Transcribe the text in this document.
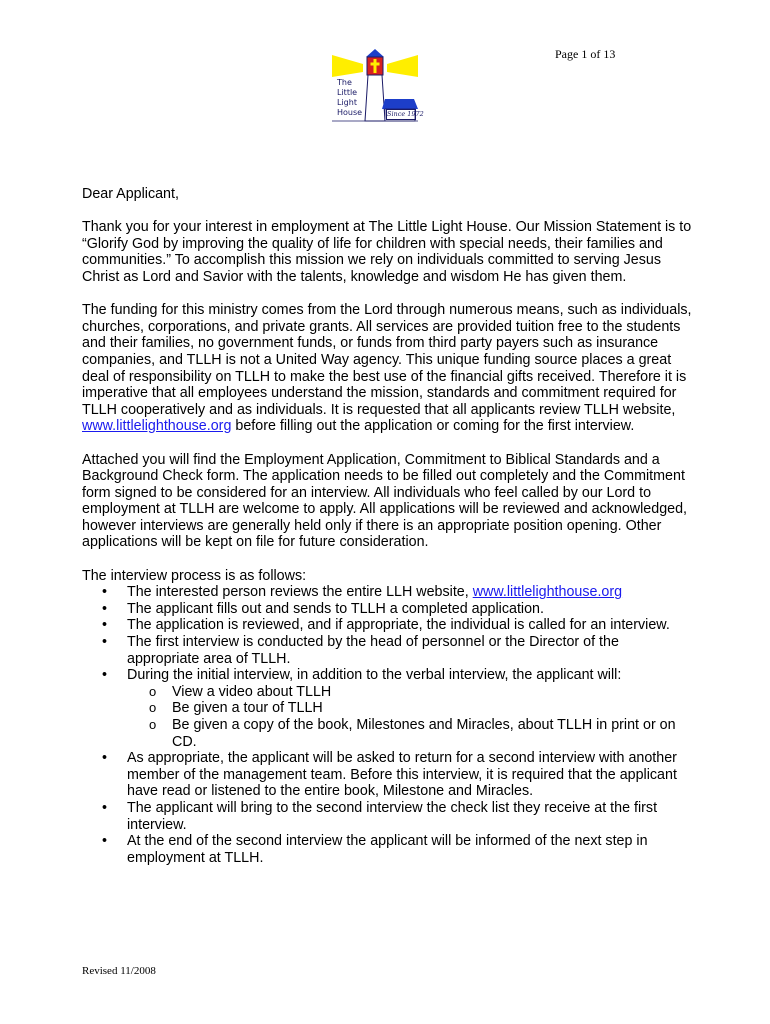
Page 1 of 13
The
Little
Light
House	Since 1972

Dear Applicant,

Thank you for your interest in employment at The Little Light House. Our Mission Statement is to “Glorify God by improving the quality of life for children with special needs, their families and communities.” To accomplish this mission we rely on individuals committed to serving Jesus Christ as Lord and Savior with the talents, knowledge and wisdom He has given them.

The funding for this ministry comes from the Lord through numerous means, such as individuals, churches, corporations, and private grants. All services are provided tuition free to the students and their families, no government funds, or funds from third party payers such as insurance companies, and TLLH is not a United Way agency. This unique funding source places a great deal of responsibility on TLLH to make the best use of the financial gifts received. Therefore it is imperative that all employees understand the mission, standards and commitment required for TLLH cooperatively and as individuals. It is requested that all applicants review TLLH website, www.littlelighthouse.org before filling out the application or coming for the first interview.

Attached you will find the Employment Application, Commitment to Biblical Standards and a Background Check form. The application needs to be filled out completely and the Commitment form signed to be considered for an interview. All individuals who feel called by our Lord to employment at TLLH are welcome to apply. All applications will be reviewed and acknowledged, however interviews are generally held only if there is an appropriate position opening. Other applications will be kept on file for future consideration.

The interview process is as follows:
• The interested person reviews the entire LLH website, www.littlelighthouse.org
• The applicant fills out and sends to TLLH a completed application.
• The application is reviewed, and if appropriate, the individual is called for an interview.
• The first interview is conducted by the head of personnel or the Director of the appropriate area of TLLH.
• During the initial interview, in addition to the verbal interview, the applicant will:
o View a video about TLLH
o Be given a tour of TLLH
o Be given a copy of the book, Milestones and Miracles, about TLLH in print or on CD.
• As appropriate, the applicant will be asked to return for a second interview with another member of the management team. Before this interview, it is required that the applicant have read or listened to the entire book, Milestone and Miracles.
• The applicant will bring to the second interview the check list they receive at the first interview.
• At the end of the second interview the applicant will be informed of the next step in employment at TLLH.
Revised 11/2008
